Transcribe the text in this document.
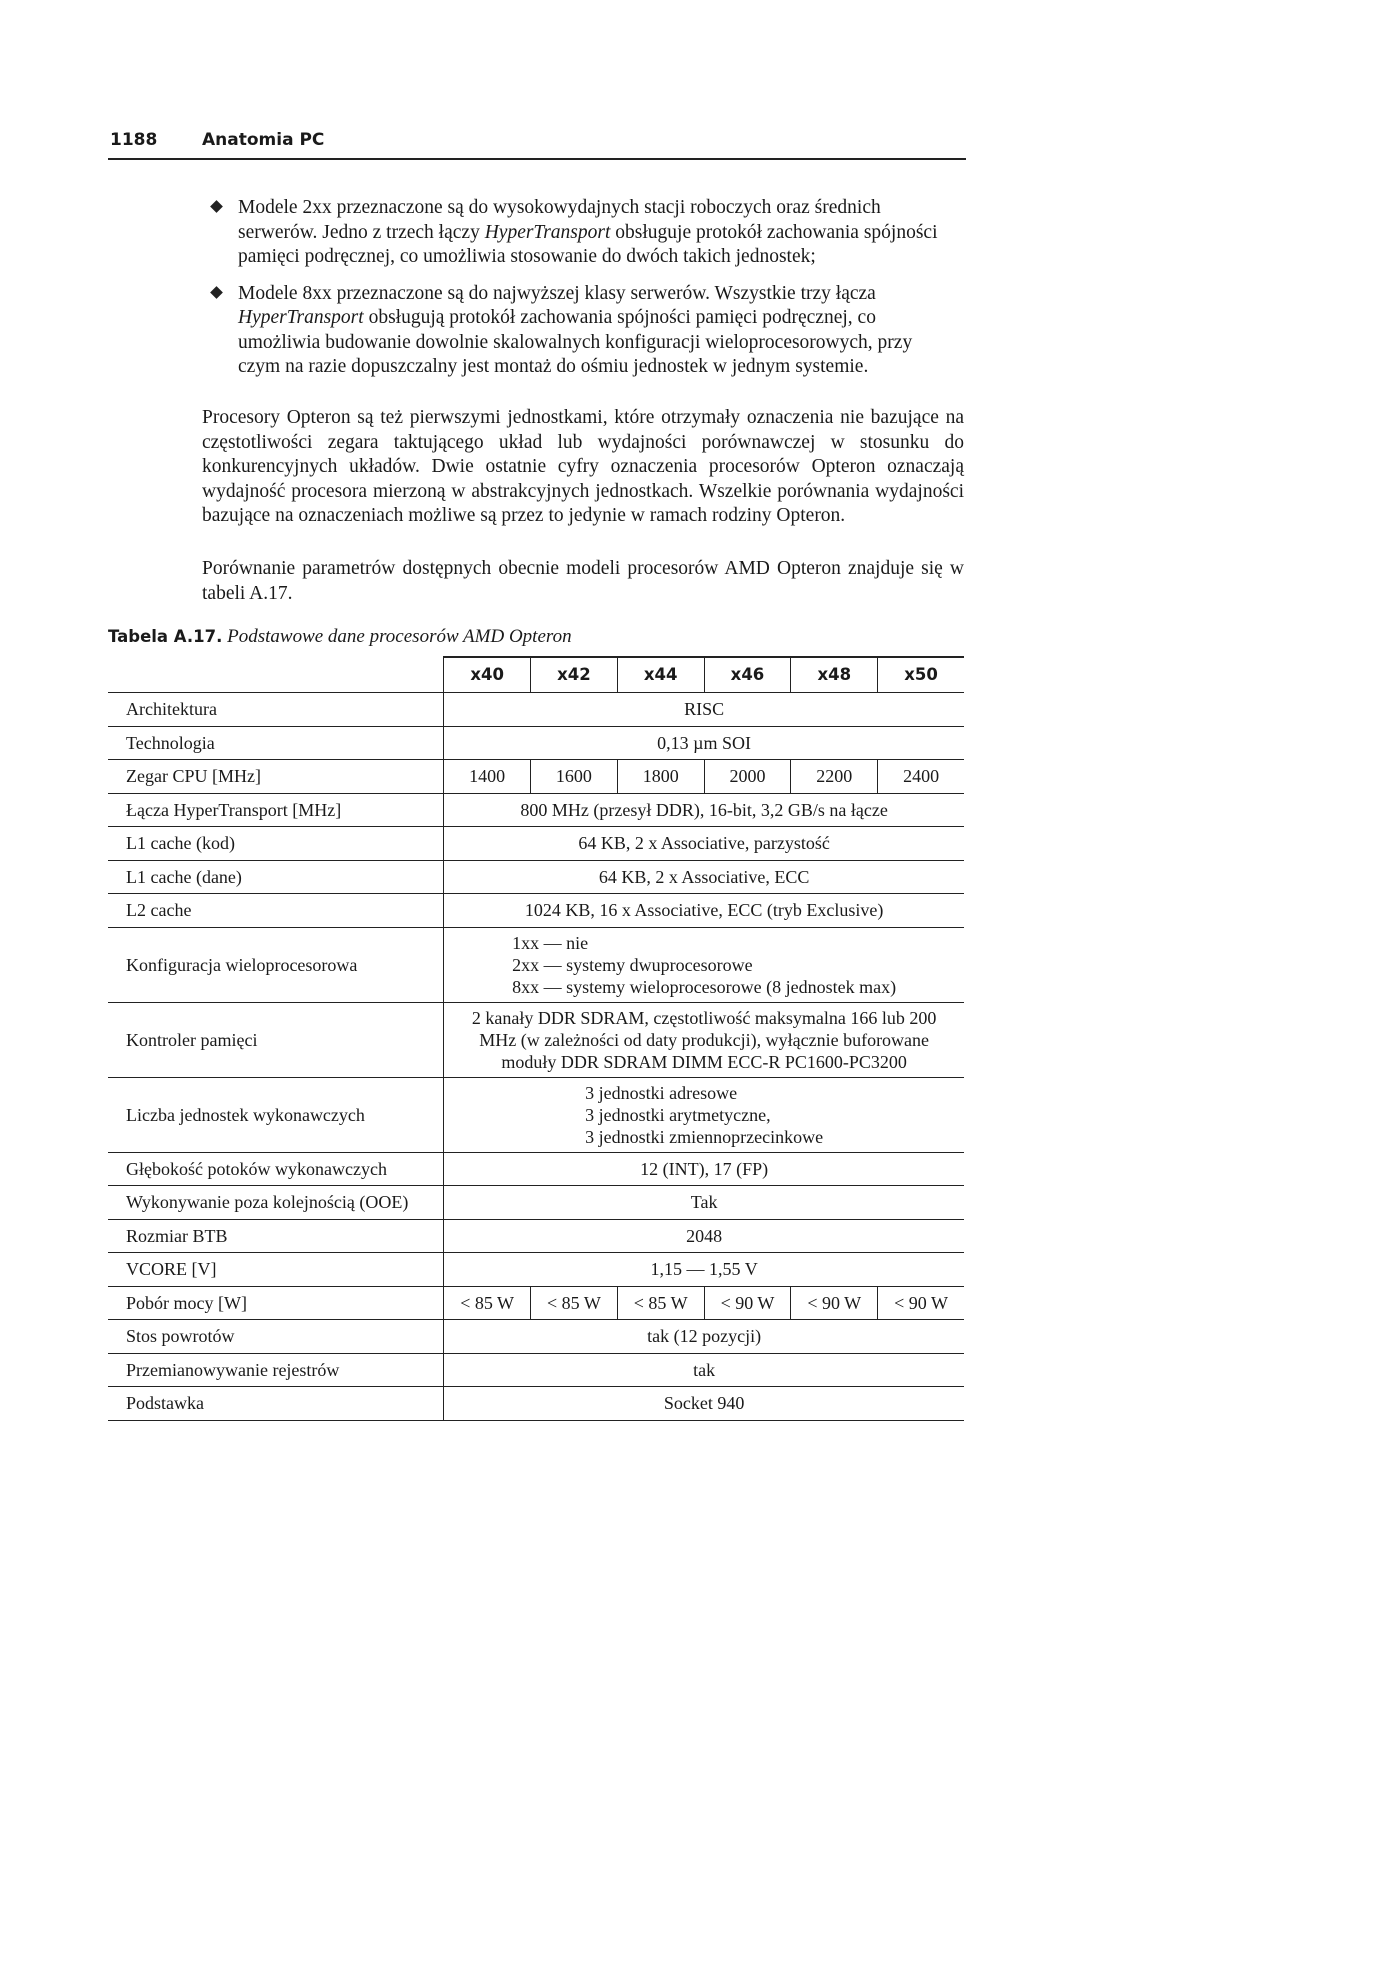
1188	Anatomia PC
Modele 2xx przeznaczone są do wysokowydajnych stacji roboczych oraz średnich serwerów. Jedno z trzech łączy HyperTransport obsługuje protokół zachowania spójności pamięci podręcznej, co umożliwia stosowanie do dwóch takich jednostek;
Modele 8xx przeznaczone są do najwyższej klasy serwerów. Wszystkie trzy łącza HyperTransport obsługują protokół zachowania spójności pamięci podręcznej, co umożliwia budowanie dowolnie skalowalnych konfiguracji wieloprocesorowych, przy czym na razie dopuszczalny jest montaż do ośmiu jednostek w jednym systemie.

Procesory Opteron są też pierwszymi jednostkami, które otrzymały oznaczenia nie bazujące na częstotliwości zegara taktującego układ lub wydajności porównawczej w stosunku do konkurencyjnych układów. Dwie ostatnie cyfry oznaczenia procesorów Opteron oznaczają wydajność procesora mierzoną w abstrakcyjnych jednostkach. Wszelkie porównania wydajności bazujące na oznaczeniach możliwe są przez to jedynie w ramach rodziny Opteron.

Porównanie parametrów dostępnych obecnie modeli procesorów AMD Opteron znajduje się w tabeli A.17.

Tabela A.17. Podstawowe dane procesorów AMD Opteron
	x40	x42	x44	x46	x48	x50
Architektura	RISC					
Technologia	0,13 µm SOI					
Zegar CPU [MHz]	1400	1600	1800	2000	2200	2400
Łącza HyperTransport [MHz]	800 MHz (przesył DDR), 16-bit, 3,2 GB/s na łącze					
L1 cache (kod)	64 KB, 2 x Associative, parzystość					
L1 cache (dane)	64 KB, 2 x Associative, ECC					
L2 cache	1024 KB, 16 x Associative, ECC (tryb Exclusive)					
Konfiguracja wieloprocesorowa	1xx — nie
2xx — systemy dwuprocesorowe
8xx — systemy wieloprocesorowe (8 jednostek max)					
Kontroler pamięci	2 kanały DDR SDRAM, częstotliwość maksymalna 166 lub 200
MHz (w zależności od daty produkcji), wyłącznie buforowane
moduły DDR SDRAM DIMM ECC-R PC1600-PC3200					
Liczba jednostek wykonawczych	3 jednostki adresowe
3 jednostki arytmetyczne,
3 jednostki zmiennoprzecinkowe					
Głębokość potoków wykonawczych	12 (INT), 17 (FP)					
Wykonywanie poza kolejnością (OOE)	Tak					
Rozmiar BTB	2048					
VCORE [V]	1,15 — 1,55 V					
Pobór mocy [W]	< 85 W	< 85 W	< 85 W	< 90 W	< 90 W	< 90 W
Stos powrotów	tak (12 pozycji)					
Przemianowywanie rejestrów	tak					
Podstawka	Socket 940					
